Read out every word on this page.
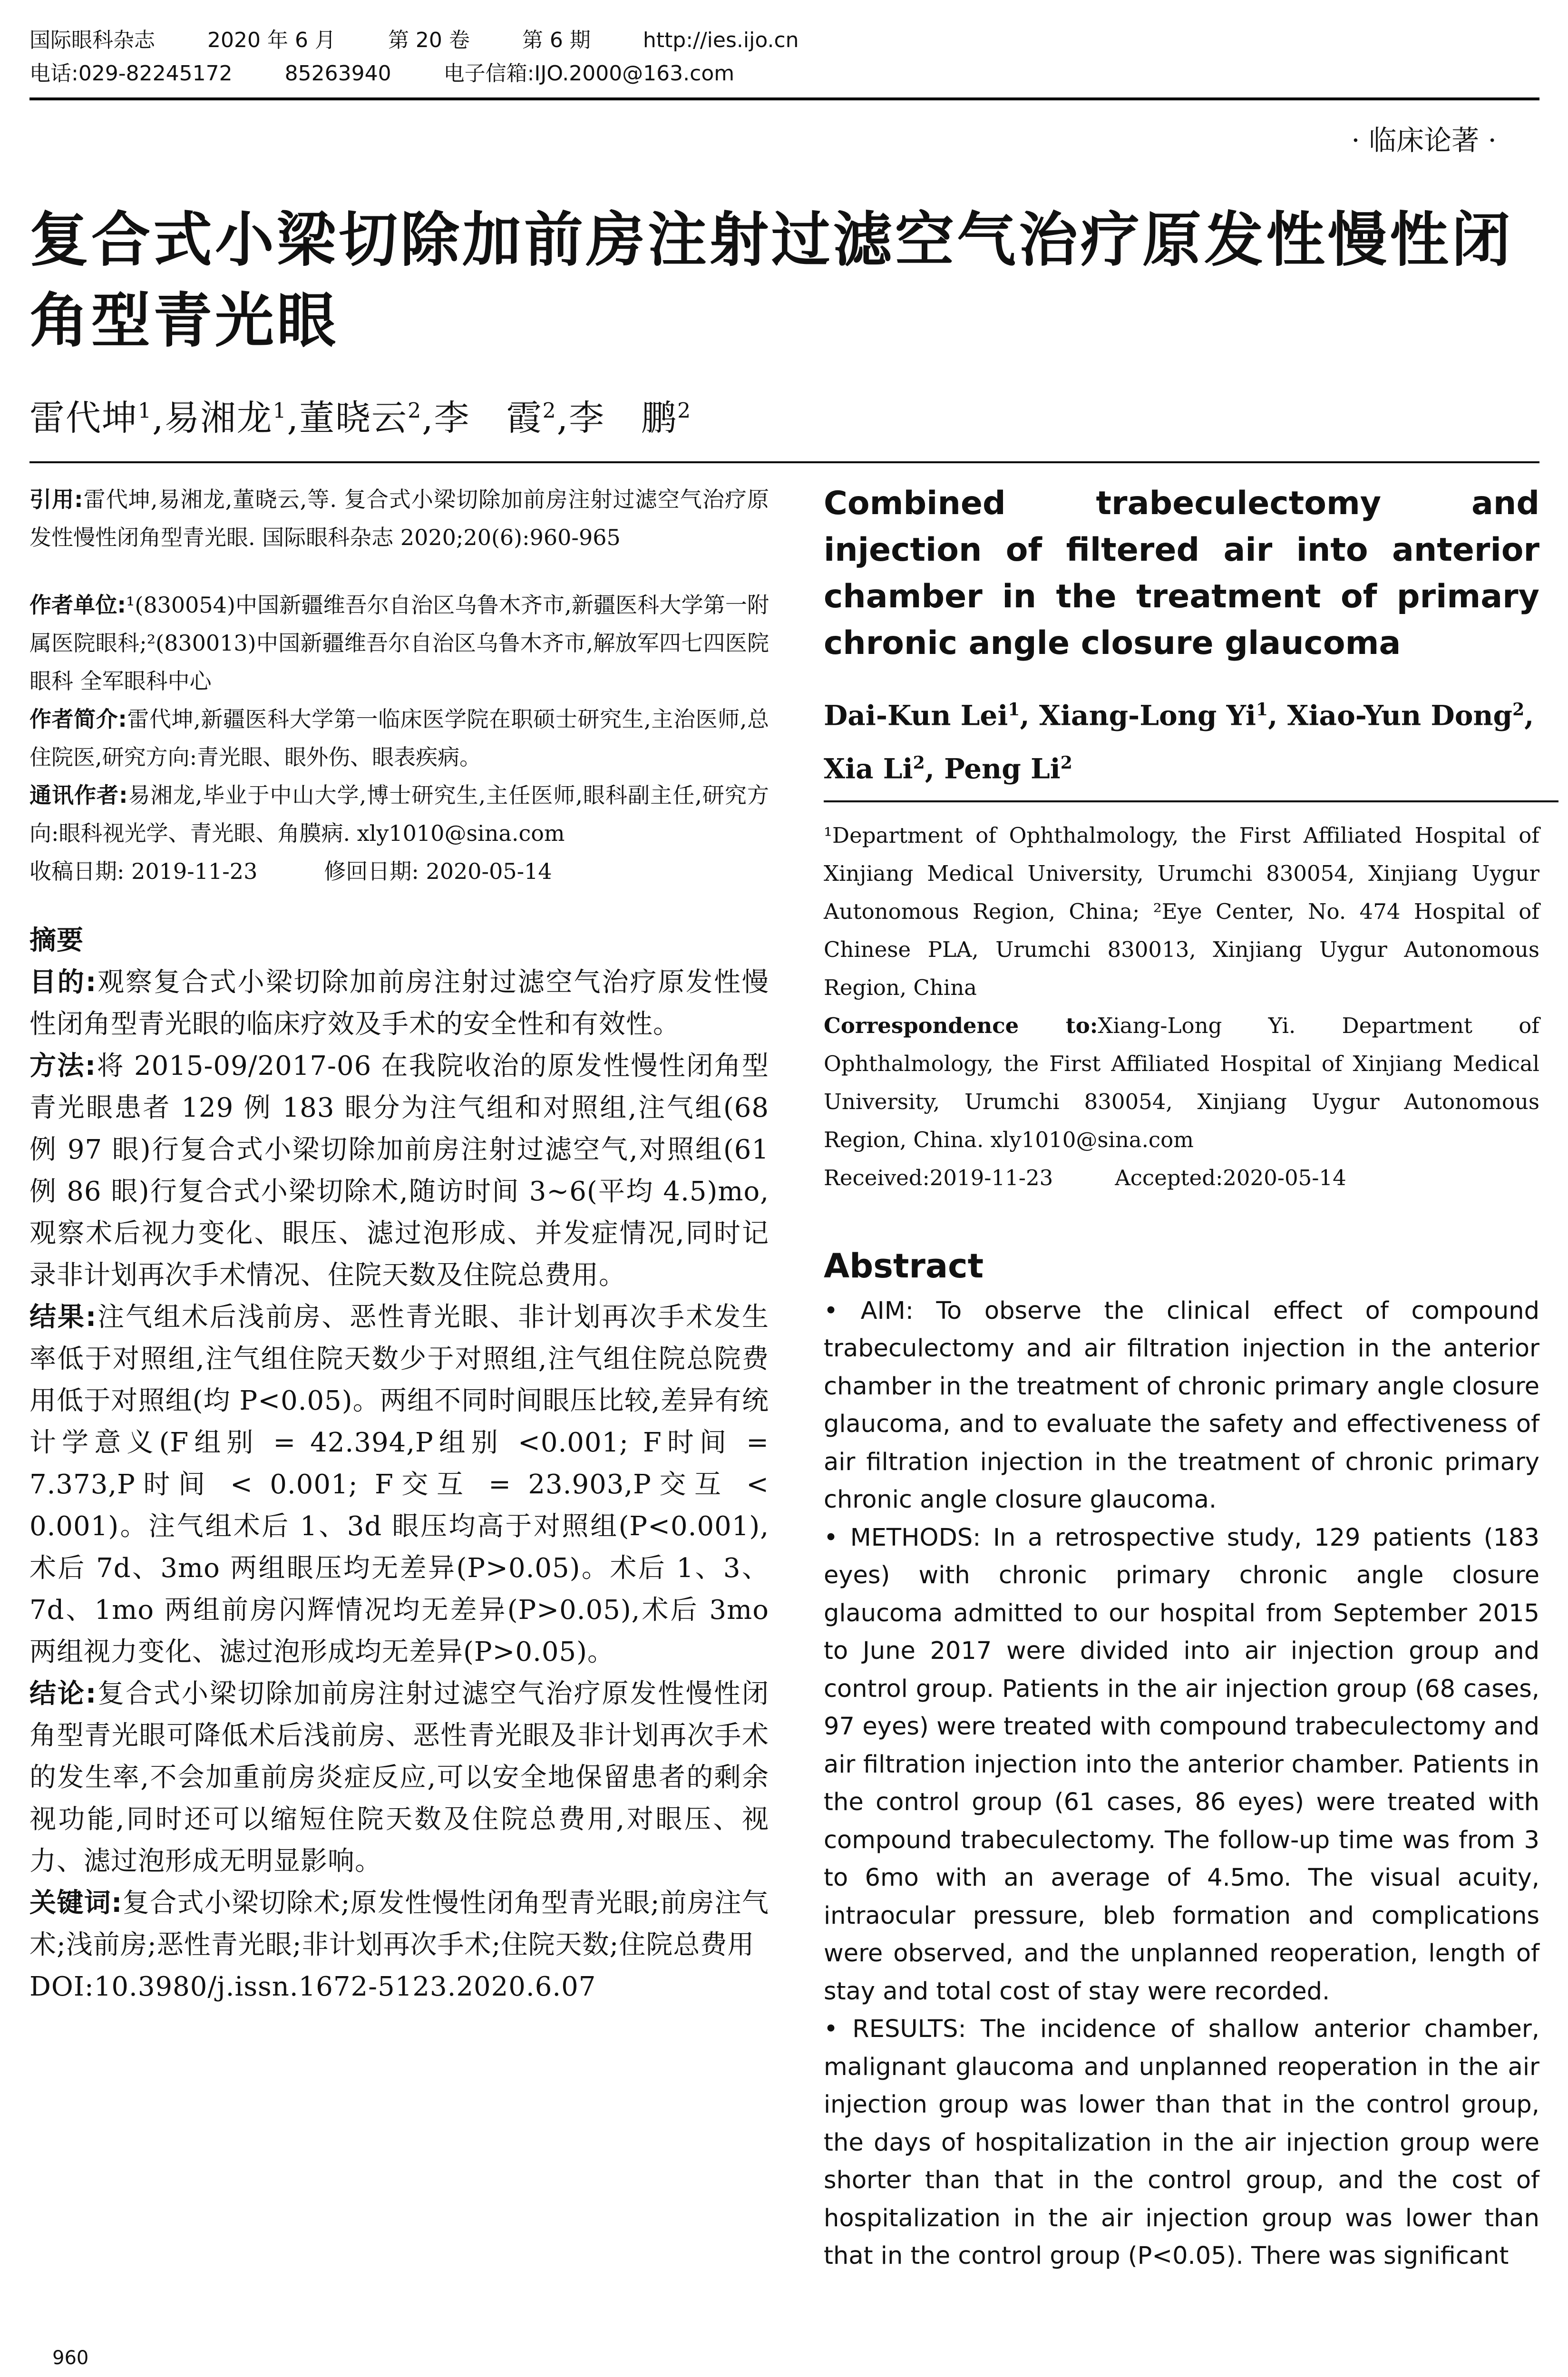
国际眼科杂志	2020 年 6 月	第 20 卷	第 6 期	http://ies.ijo.cn
电话:029-82245172	85263940	电子信箱:IJO.2000@163.com
· 临床论著 ·
复合式小梁切除加前房注射过滤空气治疗原发性慢性闭角型青光眼
雷代坤$^1$,易湘龙$^1$,董晓云$^2$,李　霞$^2$,李　鹏$^2$

引用:雷代坤,易湘龙,董晓云,等. 复合式小梁切除加前房注射过滤空气治疗原发性慢性闭角型青光眼. 国际眼科杂志 2020;20(6):960-965

作者单位:¹(830054)中国新疆维吾尔自治区乌鲁木齐市,新疆医科大学第一附属医院眼科;²(830013)中国新疆维吾尔自治区乌鲁木齐市,解放军四七四医院眼科 全军眼科中心

作者简介:雷代坤,新疆医科大学第一临床医学院在职硕士研究生,主治医师,总住院医,研究方向:青光眼、眼外伤、眼表疾病。

通讯作者:易湘龙,毕业于中山大学,博士研究生,主任医师,眼科副主任,研究方向:眼科视光学、青光眼、角膜病. xly1010@sina.com

收稿日期: 2019-11-23	修回日期: 2020-05-14

摘要

目的:观察复合式小梁切除加前房注射过滤空气治疗原发性慢性闭角型青光眼的临床疗效及手术的安全性和有效性。

方法:将 2015-09/2017-06 在我院收治的原发性慢性闭角型青光眼患者 129 例 183 眼分为注气组和对照组,注气组(68 例 97 眼)行复合式小梁切除加前房注射过滤空气,对照组(61 例 86 眼)行复合式小梁切除术,随访时间 3~6(平均 4.5)mo,观察术后视力变化、眼压、滤过泡形成、并发症情况,同时记录非计划再次手术情况、住院天数及住院总费用。

结果:注气组术后浅前房、恶性青光眼、非计划再次手术发生率低于对照组,注气组住院天数少于对照组,注气组住院总院费用低于对照组(均 P<0.05)。两组不同时间眼压比较,差异有统计学意义(F组别 = 42.394,P组别 <0.001; F时间 = 7.373,P时间 < 0.001; F交互 = 23.903,P交互 < 0.001)。注气组术后 1、3d 眼压均高于对照组(P<0.001),术后 7d、3mo 两组眼压均无差异(P>0.05)。术后 1、3、7d、1mo 两组前房闪辉情况均无差异(P>0.05),术后 3mo 两组视力变化、滤过泡形成均无差异(P>0.05)。

结论:复合式小梁切除加前房注射过滤空气治疗原发性慢性闭角型青光眼可降低术后浅前房、恶性青光眼及非计划再次手术的发生率,不会加重前房炎症反应,可以安全地保留患者的剩余视功能,同时还可以缩短住院天数及住院总费用,对眼压、视力、滤过泡形成无明显影响。

关键词:复合式小梁切除术;原发性慢性闭角型青光眼;前房注气术;浅前房;恶性青光眼;非计划再次手术;住院天数;住院总费用

DOI:10.3980/j.issn.1672-5123.2020.6.07

960

Combined trabeculectomy and injection of filtered air into anterior chamber in the treatment of primary chronic angle closure glaucoma

Dai-Kun Lei$^1$, Xiang-Long Yi$^1$, Xiao-Yun Dong$^2$, Xia Li$^2$, Peng Li$^2$

¹Department of Ophthalmology, the First Affiliated Hospital of Xinjiang Medical University, Urumchi 830054, Xinjiang Uygur Autonomous Region, China; ²Eye Center, No. 474 Hospital of Chinese PLA, Urumchi 830013, Xinjiang Uygur Autonomous Region, China

Correspondence to:Xiang-Long Yi. Department of Ophthalmology, the First Affiliated Hospital of Xinjiang Medical University, Urumchi 830054, Xinjiang Uygur Autonomous Region, China. xly1010@sina.com

Received:2019-11-23	Accepted:2020-05-14

Abstract

• AIM: To observe the clinical effect of compound trabeculectomy and air filtration injection in the anterior chamber in the treatment of chronic primary angle closure glaucoma, and to evaluate the safety and effectiveness of air filtration injection in the treatment of chronic primary chronic angle closure glaucoma.

• METHODS: In a retrospective study, 129 patients (183 eyes) with chronic primary chronic angle closure glaucoma admitted to our hospital from September 2015 to June 2017 were divided into air injection group and control group. Patients in the air injection group (68 cases, 97 eyes) were treated with compound trabeculectomy and air filtration injection into the anterior chamber. Patients in the control group (61 cases, 86 eyes) were treated with compound trabeculectomy. The follow-up time was from 3 to 6mo with an average of 4.5mo. The visual acuity, intraocular pressure, bleb formation and complications were observed, and the unplanned reoperation, length of stay and total cost of stay were recorded.

• RESULTS: The incidence of shallow anterior chamber, malignant glaucoma and unplanned reoperation in the air injection group was lower than that in the control group, the days of hospitalization in the air injection group were shorter than that in the control group, and the cost of hospitalization in the air injection group was lower than that in the control group (P<0.05). There was significant
